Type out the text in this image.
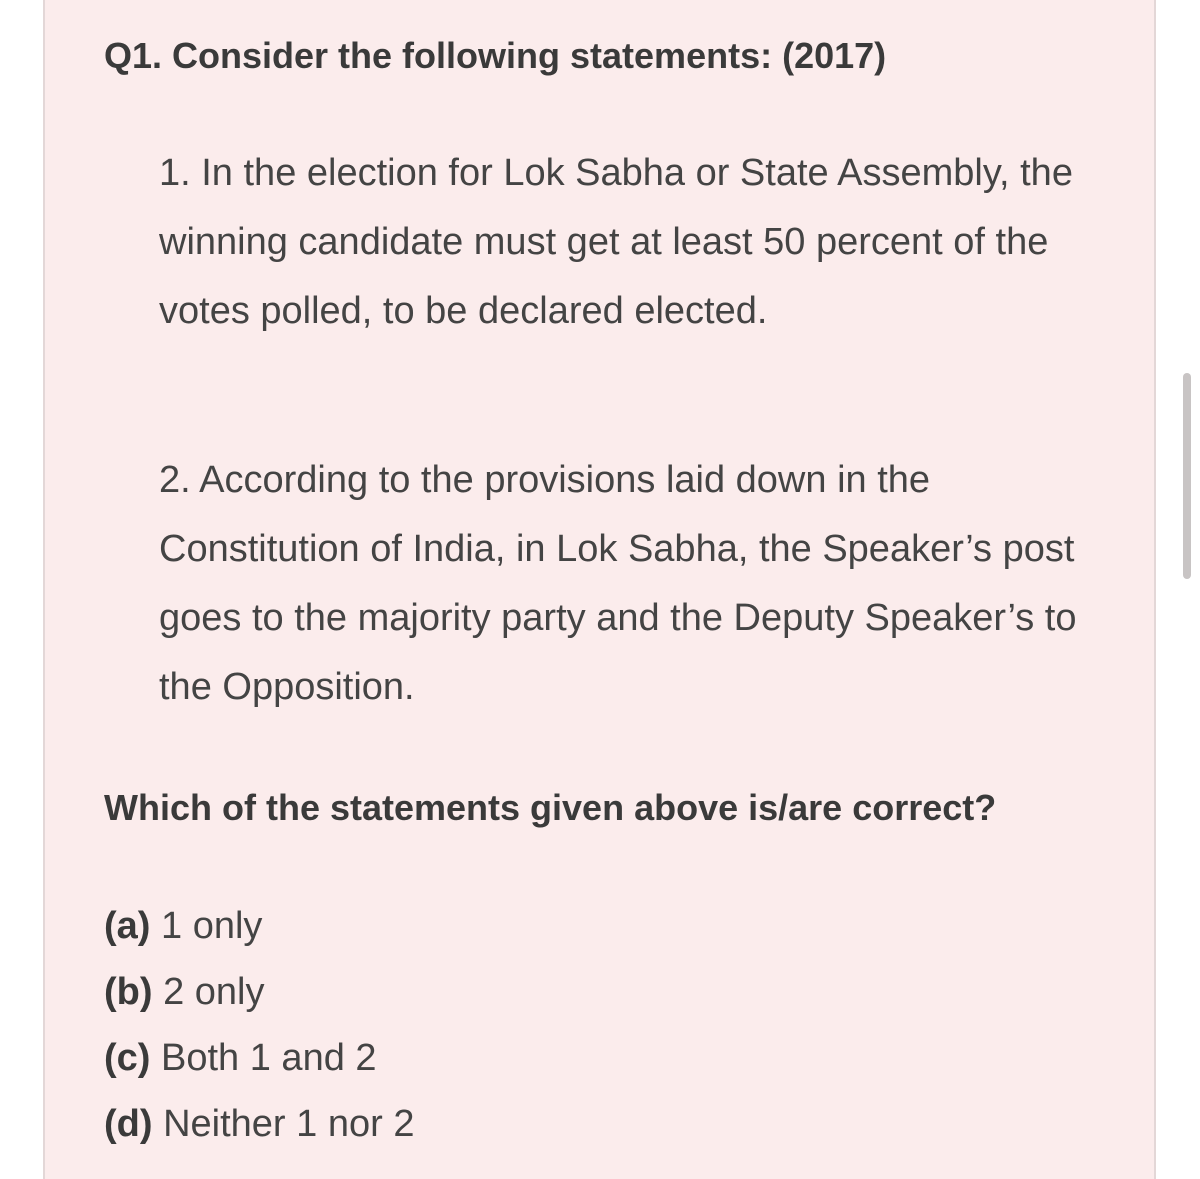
Q1. Consider the following statements: (2017)

1. In the election for Lok Sabha or State Assembly, the winning candidate must get at least 50 percent of the votes polled, to be declared elected.

2. According to the provisions laid down in the Constitution of India, in Lok Sabha, the Speaker’s post goes to the majority party and the Deputy Speaker’s to the Opposition.

Which of the statements given above is/are correct?

(a) 1 only
(b) 2 only
(c) Both 1 and 2
(d) Neither 1 nor 2
